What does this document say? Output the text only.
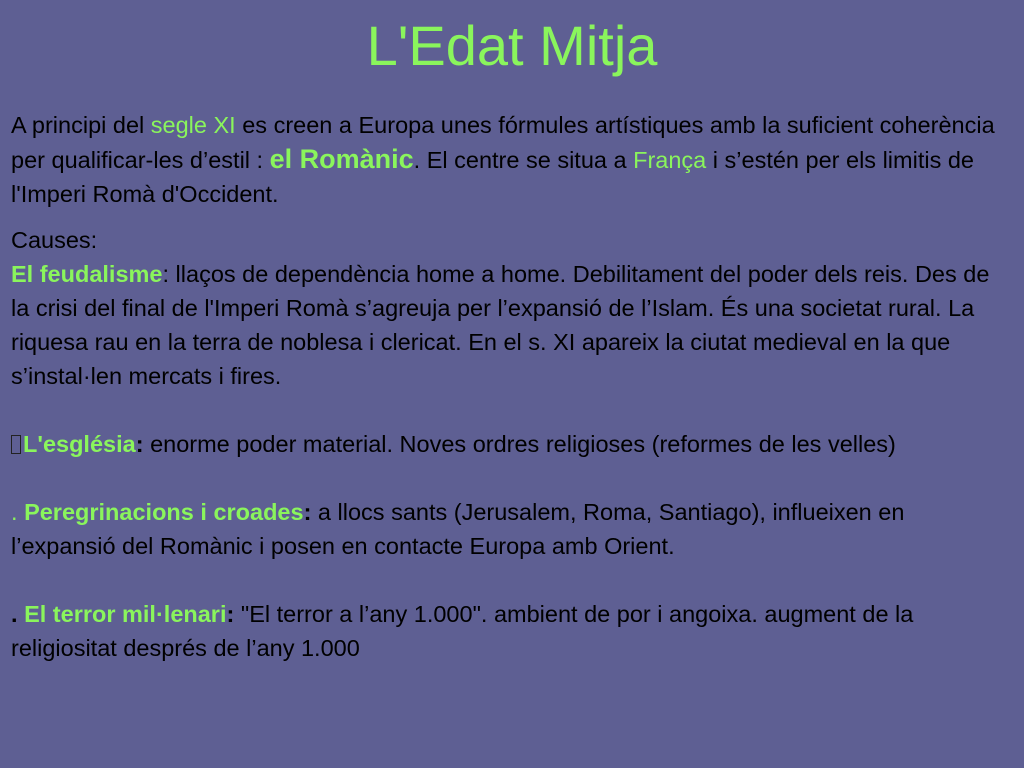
L'Edat Mitja

A principi del segle XI es creen a Europa unes fórmules artístiques amb la suficient coherència per qualificar-les d’estil : el Romànic. El centre se situa a França i s’estén per els limitis de l'Imperi Romà d'Occident.

Causes:

El feudalisme: llaços de dependència home a home. Debilitament del poder dels reis. Des de la crisi del final de l'Imperi Romà s’agreuja per l’expansió de l’Islam. És una societat rural. La riquesa rau en la terra de noblesa i clericat. En el s. XI apareix la ciutat medieval en la que s’instal·len mercats i fires.

L'església: enorme poder material. Noves ordres religioses (reformes de les velles)

. Peregrinacions i croades: a llocs sants (Jerusalem, Roma, Santiago), influeixen en l’expansió del Romànic i posen en contacte Europa amb Orient.

. El terror mil·lenari: "El terror a l’any 1.000". ambient de por i angoixa. augment de la religiositat després de l’any 1.000
